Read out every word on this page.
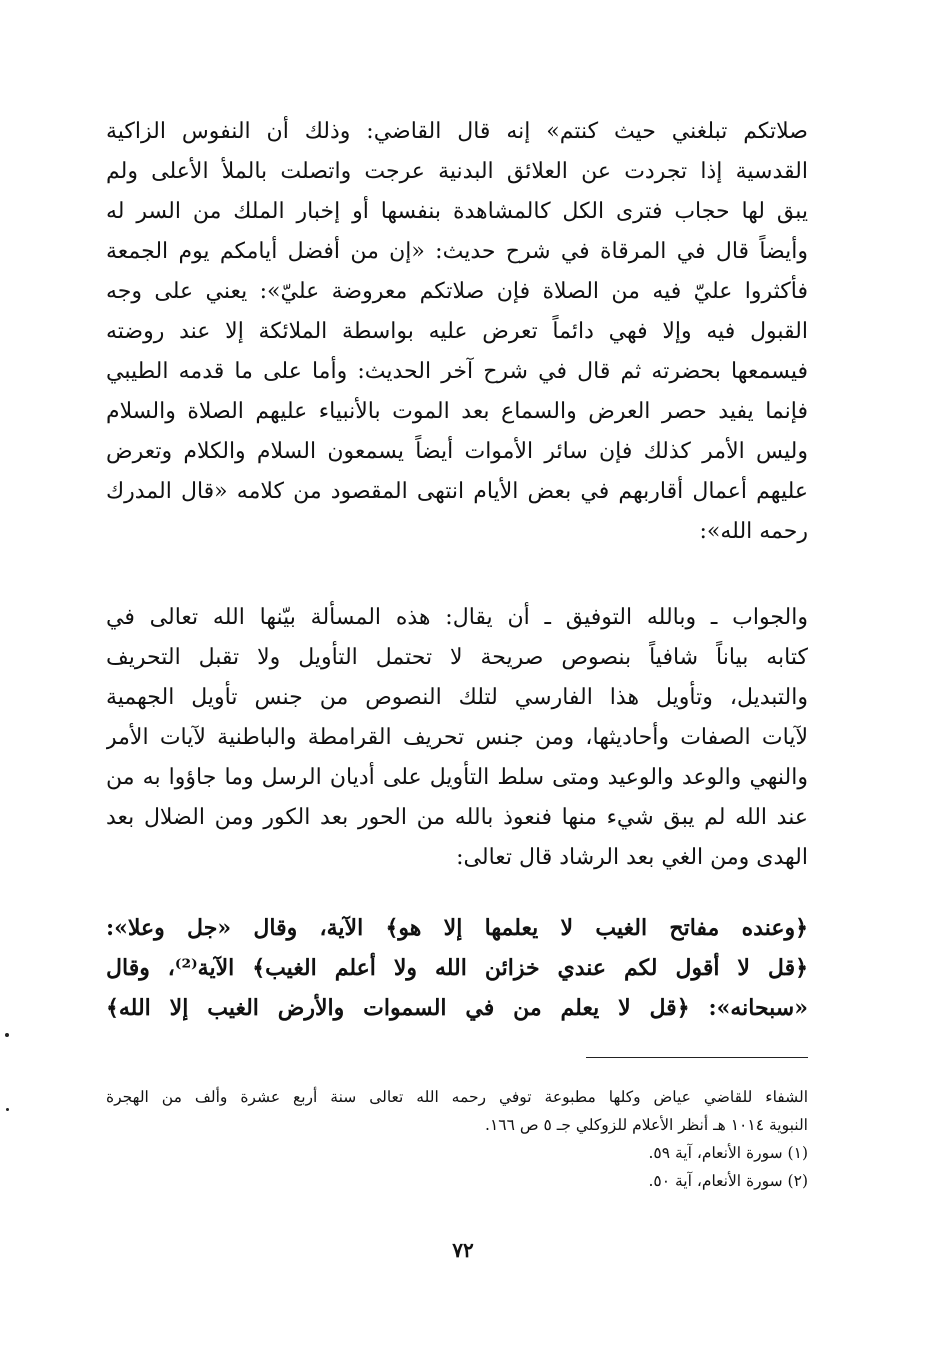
صلاتكم تبلغني حيث كنتم» إنه قال القاضي: وذلك أن النفوس الزاكية
القدسية إذا تجردت عن العلائق البدنية عرجت واتصلت بالملأ الأعلى ولم
يبق لها حجاب فترى الكل كالمشاهدة بنفسها أو إخبار الملك من السر له
وأيضاً قال في المرقاة في شرح حديث: «إن من أفضل أيامكم يوم الجمعة
فأكثروا عليّ فيه من الصلاة فإن صلاتكم معروضة عليّ»: يعني على وجه
القبول فيه وإلا فهي دائماً تعرض عليه بواسطة الملائكة إلا عند روضته
فيسمعها بحضرته ثم قال في شرح آخر الحديث: وأما على ما قدمه الطيبي
فإنما يفيد حصر العرض والسماع بعد الموت بالأنبياء عليهم الصلاة والسلام
وليس الأمر كذلك فإن سائر الأموات أيضاً يسمعون السلام والكلام وتعرض
عليهم أعمال أقاربهم في بعض الأيام انتهى المقصود من كلامه «قال المدرك
رحمه الله»:
والجواب ـ وبالله التوفيق ـ أن يقال: هذه المسألة بيّنها الله تعالى في
كتابه بياناً شافياً بنصوص صريحة لا تحتمل التأويل ولا تقبل التحريف
والتبديل، وتأويل هذا الفارسي لتلك النصوص من جنس تأويل الجهمية
لآيات الصفات وأحاديثها، ومن جنس تحريف القرامطة والباطنية لآيات الأمر
والنهي والوعد والوعيد ومتى سلط التأويل على أديان الرسل وما جاؤوا به من
عند الله لم يبق شيء منها فنعوذ بالله من الحور بعد الكور ومن الضلال بعد
الهدى ومن الغي بعد الرشاد قال تعالى:
﴿وعنده مفاتح الغيب لا يعلمها إلا هو﴾ الآية، وقال «جل وعلا»:
﴿قل لا أقول لكم عندي خزائن الله ولا أعلم الغيب﴾ الآية⁽²⁾، وقال
«سبحانه»: ﴿قل لا يعلم من في السموات والأرض الغيب إلا الله﴾
الشفاء للقاضي عياض وكلها مطبوعة توفي رحمه الله تعالى سنة أربع عشرة وألف من الهجرة
النبوية ١٠١٤ هـ أنظر الأعلام للزوكلي جـ ٥ ص ١٦٦.
(١) سورة الأنعام، آية ٥٩.
(٢) سورة الأنعام، آية ٥٠.
٧٢
